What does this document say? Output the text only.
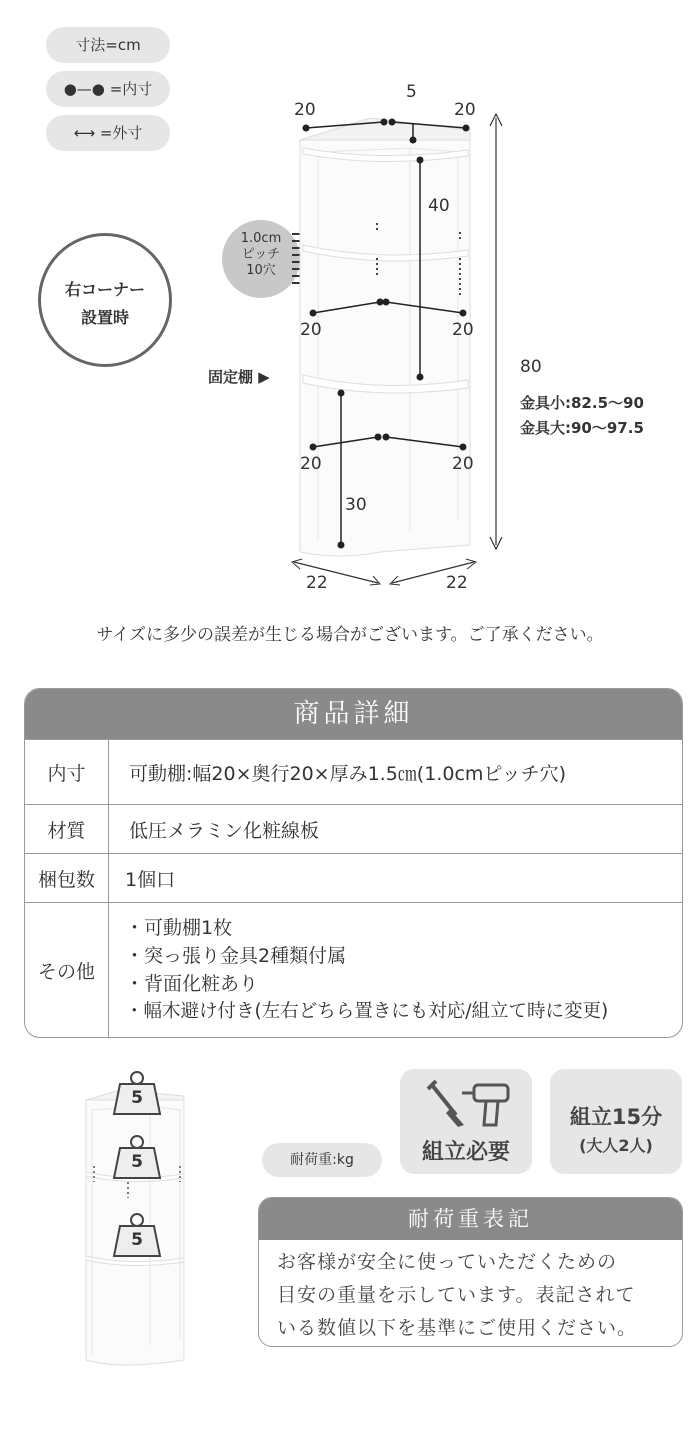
寸法=cm
●—● =内寸
⟷ =外寸
右コーナー
設置時
1.0cm
ピッチ
10穴
20
5
20
40
20	20
固定棚 ▶
20	20
30
22	22
80
金具小:82.5〜90
金具大:90〜97.5
サイズに多少の誤差が生じる場合がございます。ご了承ください。
商品詳細
内寸	可動棚:幅20×奥行20×厚み1.5㎝(1.0cmピッチ穴)
材質	低圧メラミン化粧線板
梱包数	1個口
その他
・可動棚1枚
・突っ張り金具2種類付属
・背面化粧あり
・幅木避け付き(左右どちら置きにも対応/組立て時に変更)
5
5
5
耐荷重:kg	組立必要
組立15分
(大人2人)
耐荷重表記
お客様が安全に使っていただくための
目安の重量を示しています。表記されて
いる数値以下を基準にご使用ください。
